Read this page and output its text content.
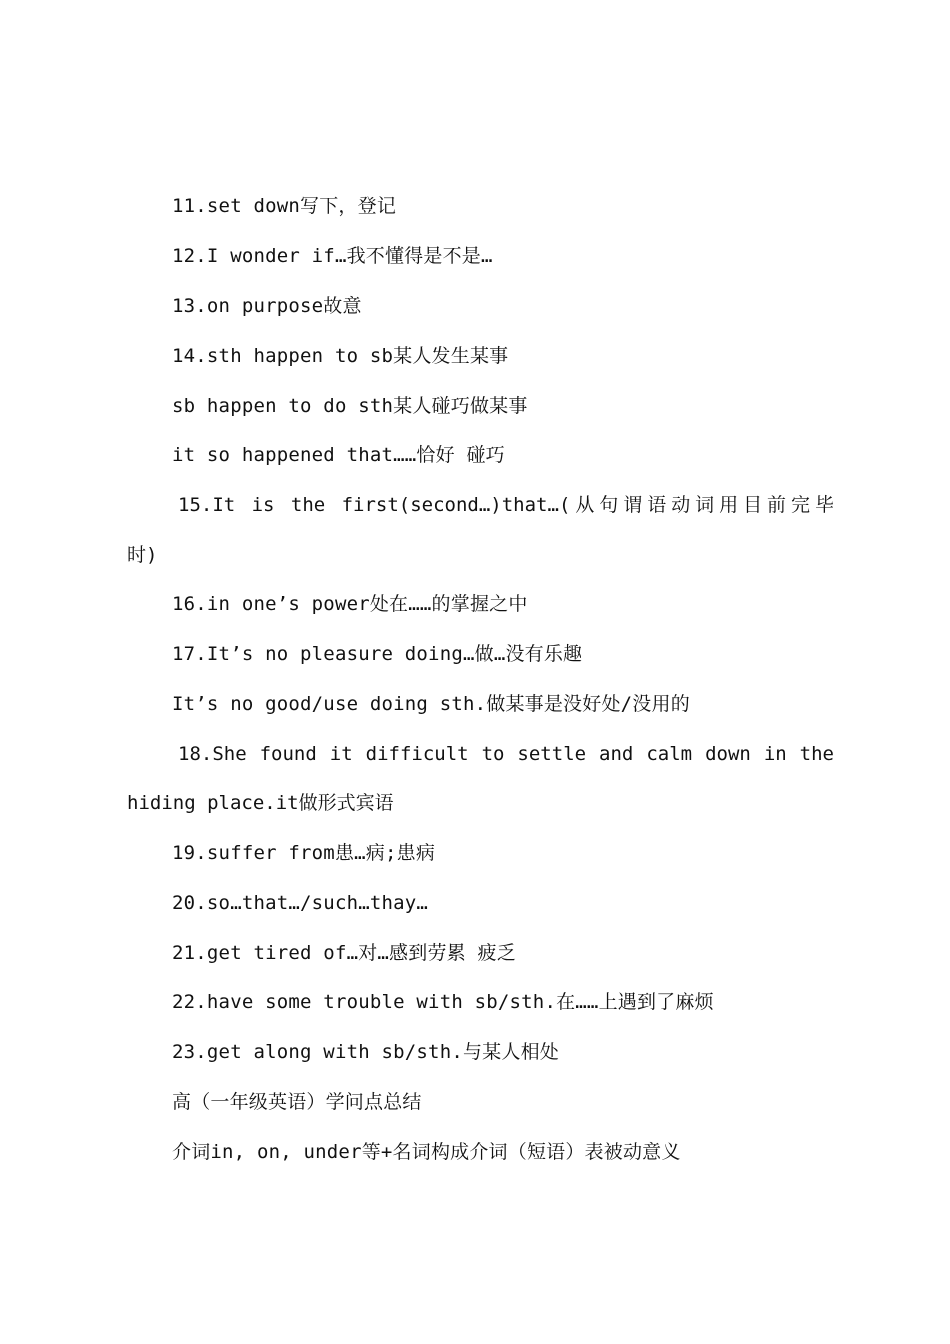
11.set down写下，登记
12.I wonder if…我不懂得是不是…
13.on purpose故意
14.sth happen to sb某人发生某事
sb happen to do sth某人碰巧做某事
it so happened that……恰好 碰巧
15.It is the first(second…)that…(从句谓语动词用目前完毕
时)
16.in one’s power处在……的掌握之中
17.It’s no pleasure doing…做…没有乐趣
It’s no good/use doing sth.做某事是没好处/没用的
18.She found it difficult to settle and calm down in the
hiding place.it做形式宾语
19.suffer from患…病;患病
20.so…that…/such…thay…
21.get tired of…对…感到劳累 疲乏
22.have some trouble with sb/sth.在……上遇到了麻烦
23.get along with sb/sth.与某人相处
高（一年级英语）学问点总结
介词in, on, under等+名词构成介词（短语）表被动意义
